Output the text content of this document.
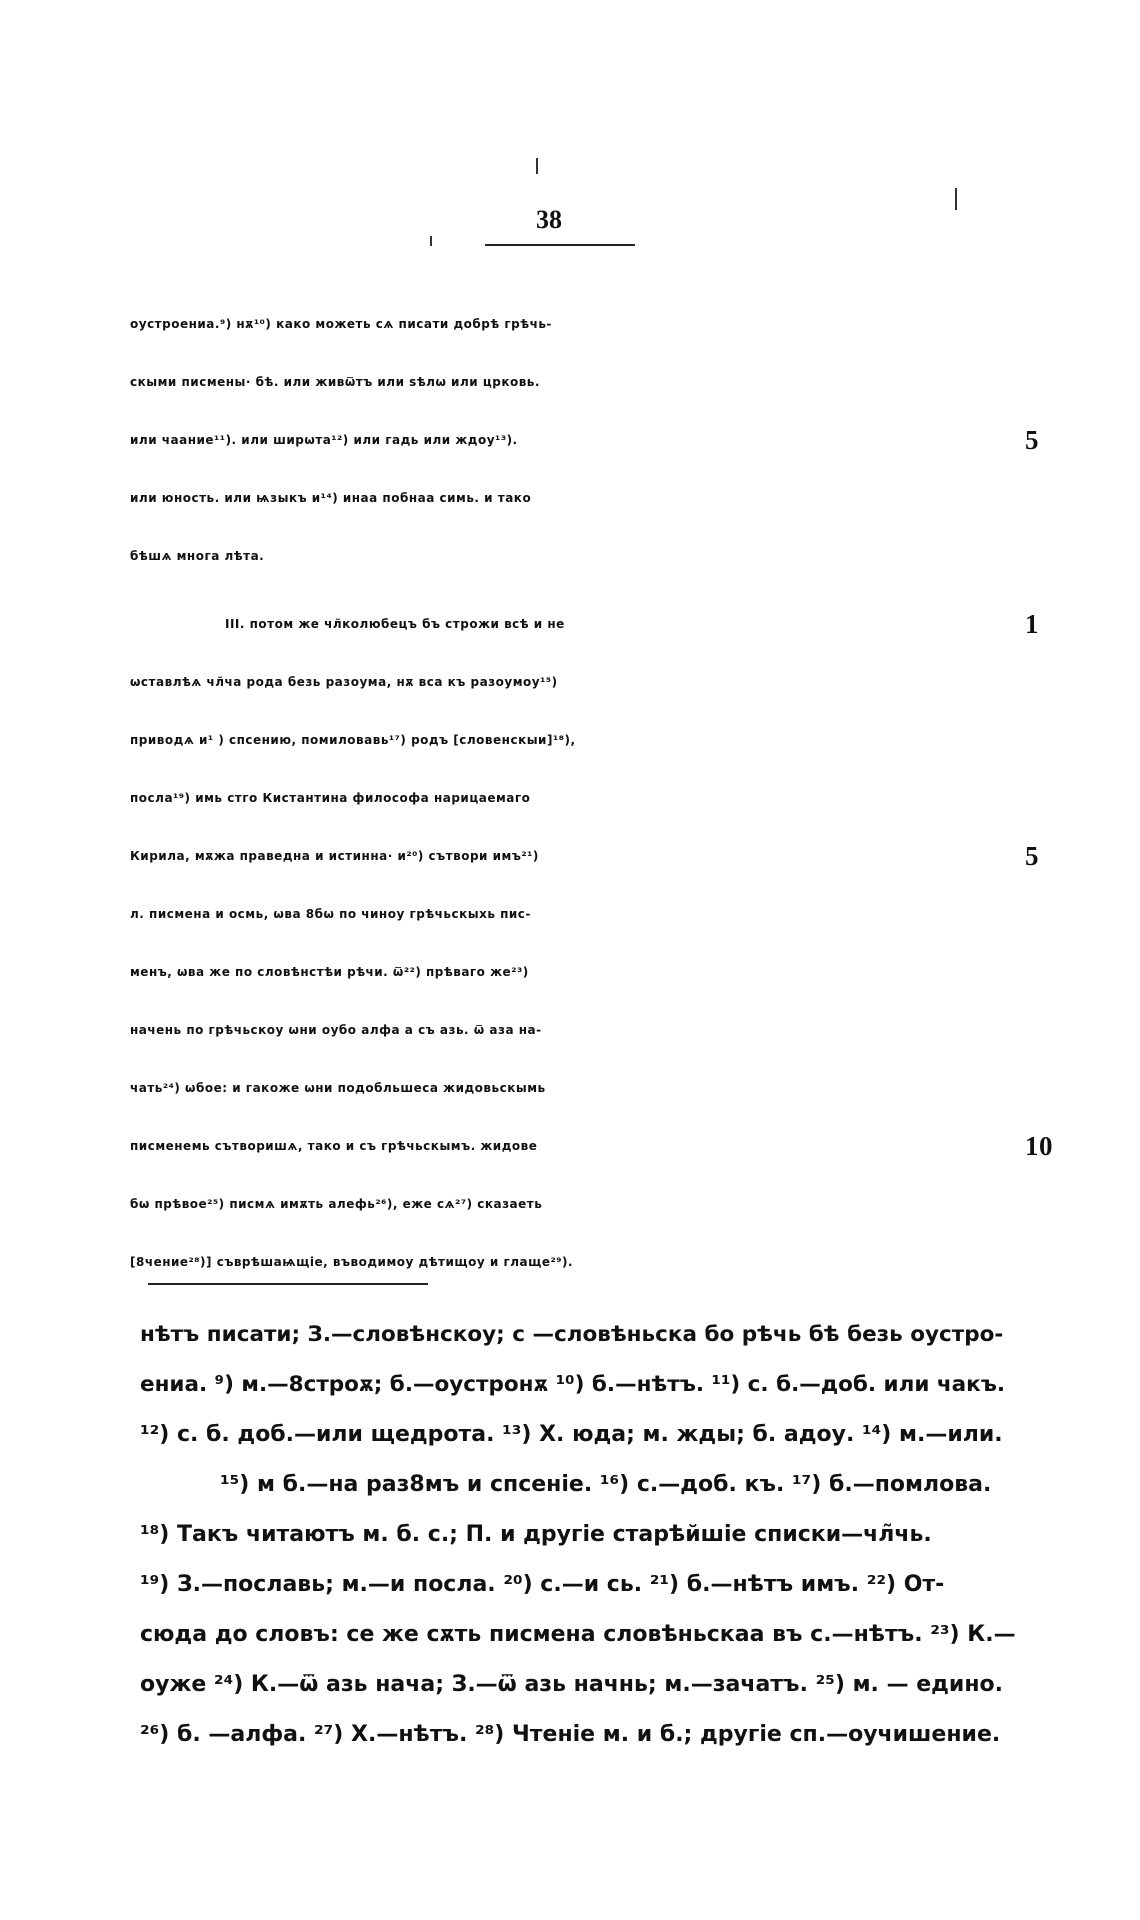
38
оустроениа.⁹) нѫ¹⁰) како можеть сѧ писати добрѣ грѣчь-
скыми писмены· бѣ. или живѿтъ или ѕѣлѡ или црковь.
или чаание¹¹). или ширѡта¹²) или гадь или ждоу¹³).	5
или юность. или ѩзыкъ и¹⁴) инаа побнаа симь. и тако
бѣшѧ многа лѣта.
III. потом же чл̃колюбецъ бъ строжи всѣ и не	1
ѡставлѣѧ чл̃ча рода безь разоума, нѫ вса къ разоумоу¹⁵)
приводѧ и¹ ) спсению, помиловавь¹⁷) родъ [словенскыи]¹⁸),
посла¹⁹) имь стго Кистантина философа нарицаемаго
Кирила, мѫжа праведна и истинна· и²⁰) сътвори имъ²¹)	5
л. писмена и осмь, ѡва 8бѡ по чиноу грѣчьскыхь пис-
менъ, ѡва же по словѣнстѣи рѣчи. ѿ²²) прѣваго же²³)
начень по грѣчьскоу ѡни оубо алфа а съ азь. ѿ аза на-
чать²⁴) ѡбое: и гакоже ѡни подобльшеса жидовьскымь
писменемь сътворишѧ, тако и съ грѣчьскымъ. жидове	10
бѡ прѣвое²⁵) писмѧ имѫть алефь²⁶), еже сѧ²⁷) сказаеть
[8чение²⁸)] съврѣшаѩщіе, въводимоу дѣтищоу и глаще²⁹).
нѣтъ писати; З.—словѣнскоу; с —словѣньска бо рѣчь бѣ безь оустро-
ениа. ⁹) м.—8строѫ; б.—оустронѫ ¹⁰) б.—нѣтъ. ¹¹) с. б.—доб. или чакъ.
¹²) с. б. доб.—или щедрота. ¹³) Х. юда; м. жды; б. адоу. ¹⁴) м.—или.
¹⁵) м б.—на раз8мъ и спсеніе. ¹⁶) с.—доб. къ. ¹⁷) б.—помлова.
¹⁸) Такъ читаютъ м. б. с.; П. и другіе старѣйшіе списки—чл̃чь.
¹⁹) З.—пославь; м.—и посла. ²⁰) с.—и сь. ²¹) б.—нѣтъ имъ. ²²) От-
сюда до словъ: се же сѫть писмена словѣньскаа въ с.—нѣтъ. ²³) К.—
оуже ²⁴) К.—ѿ азь нача; З.—ѿ азь начнь; м.—зачатъ. ²⁵) м. — едино.
²⁶) б. —алфа. ²⁷) Х.—нѣтъ. ²⁸) Чтеніе м. и б.; другіе сп.—оучишение.
